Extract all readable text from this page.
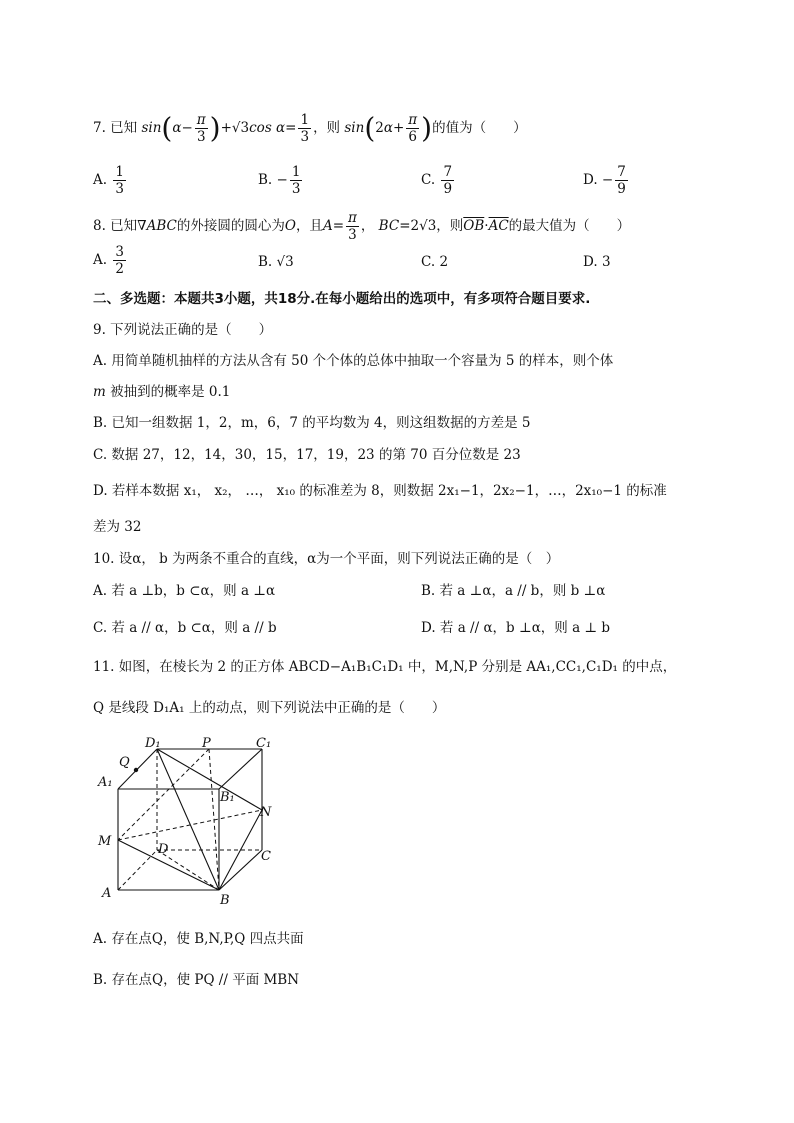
7. 已知 $\sin(\alpha- \frac{\pi}{3} )+√3\cos$ $\alpha= \frac{1}{3}$ ，则 $\sin(2\alpha+ \frac{\pi}{6}$ )的值为（　　）
A. $\frac{1}{3}$	B. − $\frac{1}{3}$	C. $\frac{7}{9}$	D. − $\frac{7}{9}$
8. 已知∇ABC的外接圆的圆心为O，且$A= \frac{\pi}{3}$ ， BC=2√3，则$\overline{OB}\cdot\overline{AC}$的最大值为（　　）
A. $\frac{3}{2}$	B. √3	C. 2	D. 3
二、多选题：本题共3小题，共18分.在每小题给出的选项中，有多项符合题目要求.
9. 下列说法正确的是（　　）
A. 用简单随机抽样的方法从含有 50 个个体的总体中抽取一个容量为 5 的样本，则个体
m 被抽到的概率是 0.1
B. 已知一组数据 1，2，m，6，7 的平均数为 4，则这组数据的方差是 5
C. 数据 27，12，14，30，15，17，19，23 的第 70 百分位数是 23
D. 若样本数据 x₁， x₂， …， x₁₀ 的标准差为 8，则数据 2x₁−1，2x₂−1，…，2x₁₀−1 的标准
差为 32
10. 设α， b 为两条不重合的直线，α为一个平面，则下列说法正确的是（　）
A. 若 a ⊥b，b ⊂α，则 a ⊥α	B. 若 a ⊥α，a // b，则 b ⊥α
C. 若 a // α，b ⊂α，则 a // b	D. 若 a // α，b ⊥α，则 a ⊥ b
11. 如图，在棱长为 2 的正方体 ABCD−A₁B₁C₁D₁ 中，M,N,P 分别是 AA₁,CC₁,C₁D₁ 的中点，
Q 是线段 D₁A₁ 上的动点，则下列说法中正确的是（　　）
D₁	P	C₁
Q
A₁
B₁
N
M
D	C
A	B
A. 存在点Q，使 B,N,P,Q 四点共面
B. 存在点Q，使 PQ // 平面 MBN
